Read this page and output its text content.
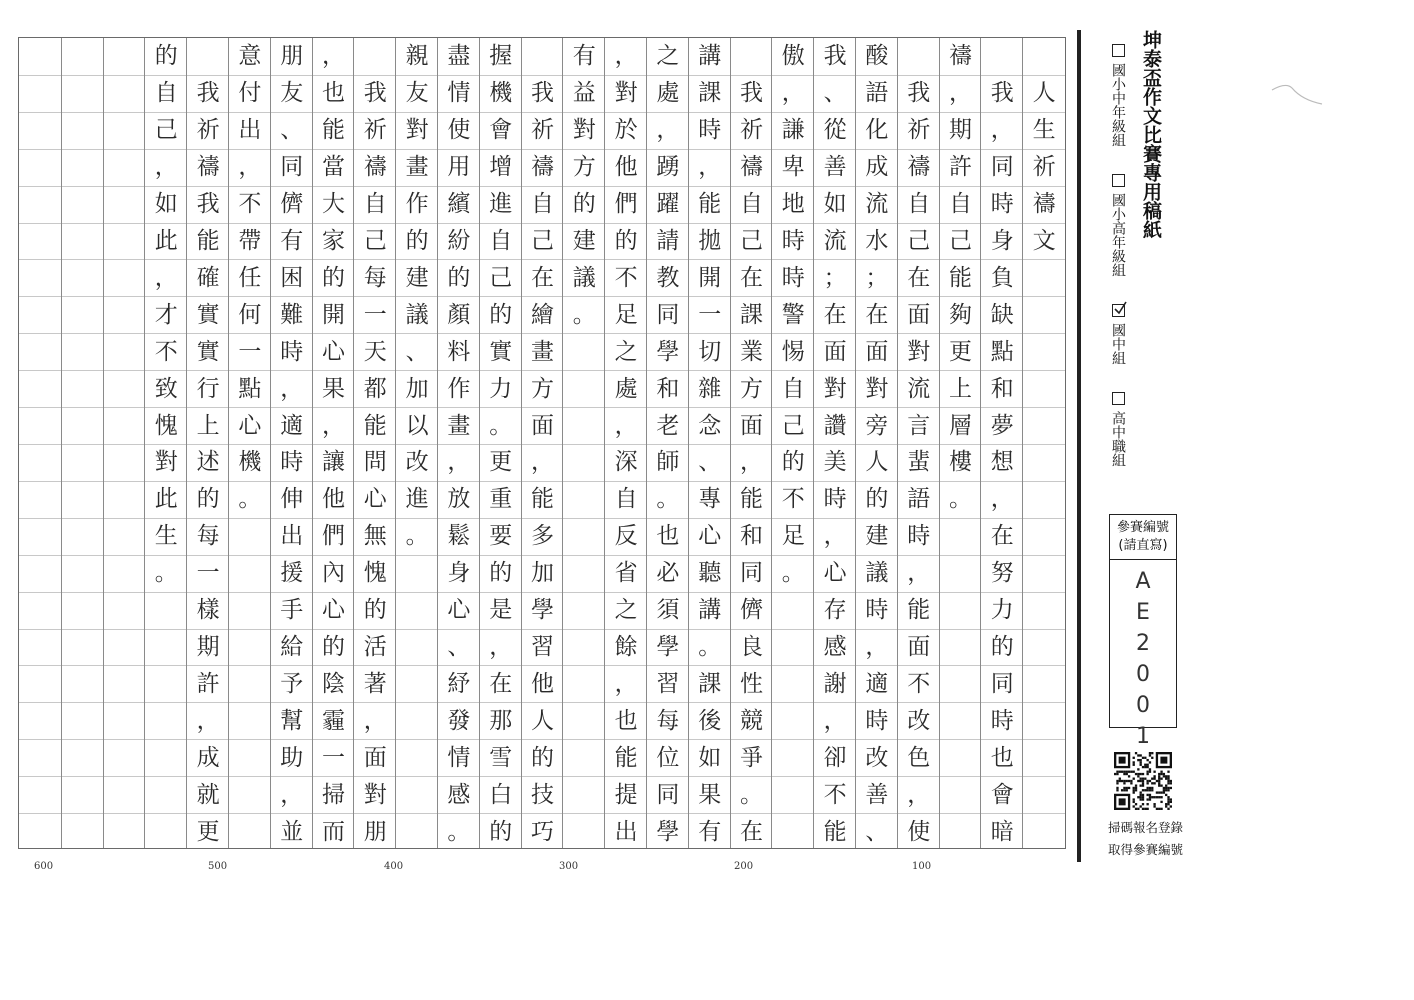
的
自
己
，
如
此
，
才
不
致
愧
對
此
生
。
我
祈
禱
我
能
確
實
實
行
上
述
的
每
一
樣
期
許
，
成
就
更
意
付
出
，
不
帶
任
何
一
點
心
機
。
朋
友
、
同
儕
有
困
難
時
，
適
時
伸
出
援
手
給
予
幫
助
，
並
，
也
能
當
大
家
的
開
心
果
，
讓
他
們
內
心
的
陰
霾
一
掃
而
我
祈
禱
自
己
每
一
天
都
能
問
心
無
愧
的
活
著
，
面
對
朋
親
友
對
畫
作
的
建
議
、
加
以
改
進
。
盡
情
使
用
繽
紛
的
顏
料
作
畫
，
放
鬆
身
心
、
紓
發
情
感
。
握
機
會
增
進
自
己
的
實
力
。
更
重
要
的
是
，
在
那
雪
白
的
我
祈
禱
自
己
在
繪
畫
方
面
，
能
多
加
學
習
他
人
的
技
巧
有
益
對
方
的
建
議
。
，
對
於
他
們
的
不
足
之
處
，
深
自
反
省
之
餘
，
也
能
提
出
之
處
，
踴
躍
請
教
同
學
和
老
師
。
也
必
須
學
習
每
位
同
學
講
課
時
，
能
拋
開
一
切
雜
念
、
專
心
聽
講
。
課
後
如
果
有
我
祈
禱
自
己
在
課
業
方
面
，
能
和
同
儕
良
性
競
爭
。
在
傲
，
謙
卑
地
時
時
警
惕
自
己
的
不
足
。
我
、
從
善
如
流
；
在
面
對
讚
美
時
，
心
存
感
謝
，
卻
不
能
酸
語
化
成
流
水
；
在
面
對
旁
人
的
建
議
時
，
適
時
改
善
、
我
祈
禱
自
己
在
面
對
流
言
蜚
語
時
，
能
面
不
改
色
，
使
禱
，
期
許
自
己
能
夠
更
上
層
樓
。
我
，
同
時
身
負
缺
點
和
夢
想
，
在
努
力
的
同
時
也
會
暗
人
生
祈
禱
文
600	500	400	300	200	100
坤泰盃作文比賽專用稿紙
國小中年級組
國小高年級組
國中組
高中職組
參賽編號
(請直寫)
A
E
2
0
0
1
掃碼報名登錄
取得參賽編號
